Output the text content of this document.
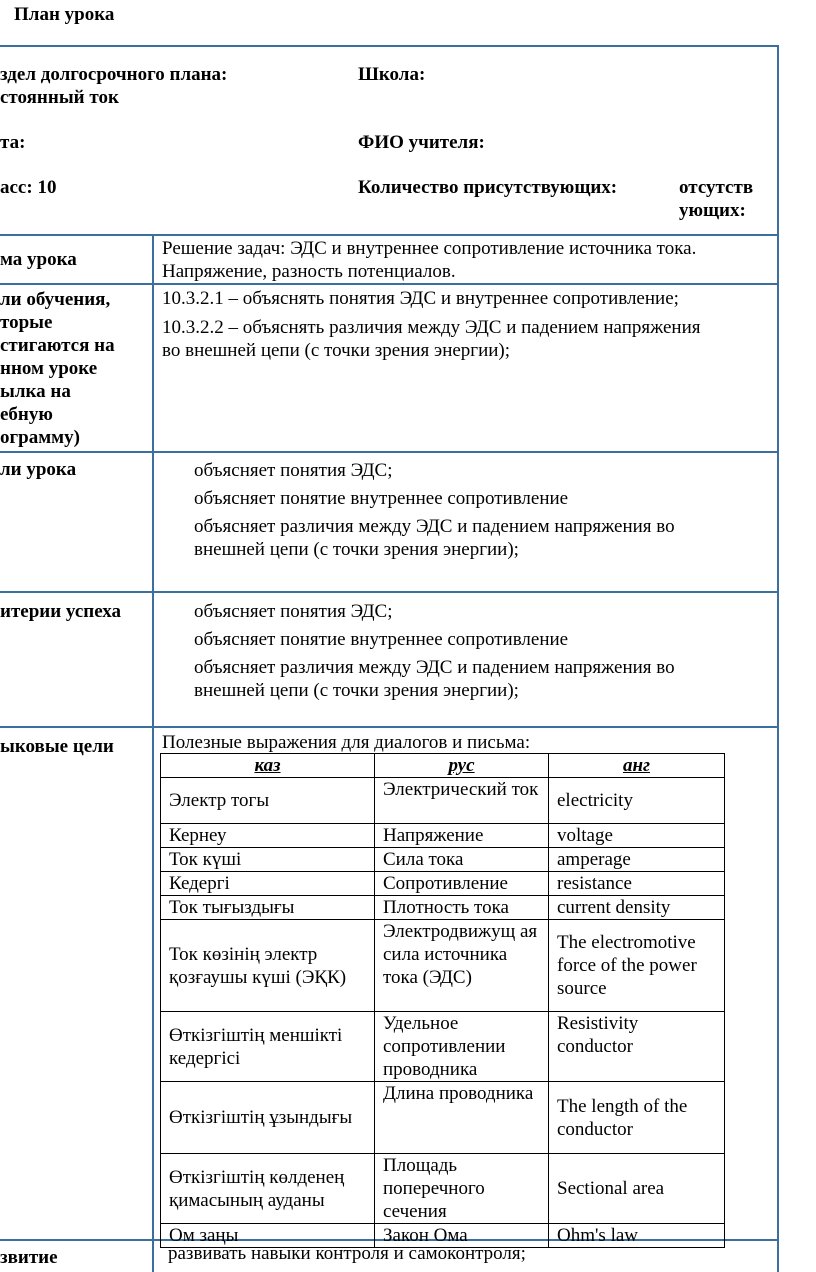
План урока
здел долгосрочного плана:
стоянный ток
Школа:
та:	ФИО учителя:
асс: 10	Количество присутствующих:	отсутств
ующих:
ма урока
Решение задач: ЭДС и внутреннее сопротивление источника тока.
Напряжение, разность потенциалов.
ли обучения,
торые
стигаются на
нном уроке
ылка на
ебную
ограмму)
10.3.2.1 – объяснять понятия ЭДС и внутреннее сопротивление;
10.3.2.2 – объяснять различия между ЭДС и падением напряжения
во внешней цепи (с точки зрения энергии);
ли урока	объясняет понятия ЭДС;
объясняет понятие внутреннее сопротивление
объясняет различия между ЭДС и падением напряжения во
внешней цепи (с точки зрения энергии);
итерии успеха	объясняет понятия ЭДС;
объясняет понятие внутреннее сопротивление
объясняет различия между ЭДС и падением напряжения во
внешней цепи (с точки зрения энергии);
ыковые цели	Полезные выражения для диалогов и письма:
каз	рус	анг
Электр тогы	Электрический ток	electricity
Кернеу	Напряжение	voltage
Ток күші	Сила тока	amperage
Кедергі	Сопротивление	resistance
Ток тығыздығы	Плотность тока	current density
Ток көзінің электр қозғаушы күші (ЭҚК)	Электродвижущ ая сила источника тока (ЭДС)	The electromotive force of the power source
Өткізгіштің меншікті кедергісі	Удельное сопротивлении проводника	Resistivity conductor
Өткізгіштің ұзындығы	Длина проводника	The length of the conductor
Өткізгіштің көлденең қимасының ауданы	Площадь поперечного сечения	Sectional area
Ом заңы	Закон Ома	Ohm's law
звитие	развивать навыки контроля и самоконтроля;
